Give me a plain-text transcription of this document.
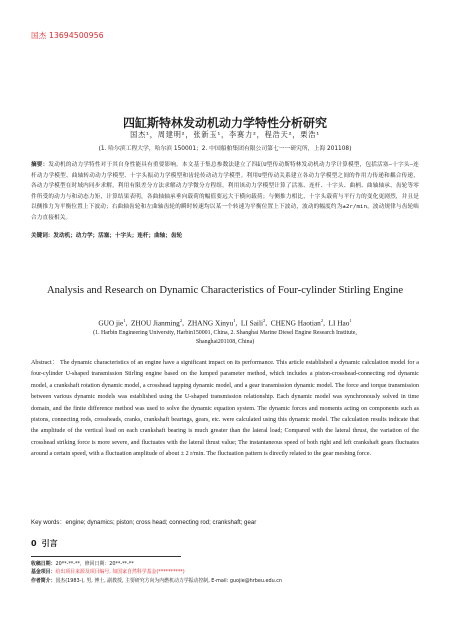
国杰 13694500956
四缸斯特林发动机动力学特性分析研究
国杰¹，周建明²，张新玉¹，李赛力²，程浩天²，栗浩¹
(1. 哈尔滨工程大学，哈尔滨 150001；2. 中国船舶集团有限公司第七一一研究所，上海 201108)
摘要：发动机的动力学特性对于其自身性能具有重要影响。本文基于集总参数法建立了四缸U型传动斯特林发动机动力学计算模型，包括活塞—十字头—连杆动力学模型、曲轴转动动力学模型、十字头振动力学模型和齿轮传动动力学模型。利用U型传动关系建立各动力学模型之间的作用力传递和耦合传递，各动力学模型在时域内同步求解，利用有限差分方法求解动力学微分方程组。利用该动力学模型计算了活塞、连杆、十字头、曲柄、曲轴轴承、齿轮等零件所受的动力与和动态力矩，计算结果表明，各曲轴轴承垂向载荷的幅值要远大于横向载荷；与侧推力相比，十字头载荷与平行力的变化更剧烈，并且是以侧推力为平衡位置上下波动；右曲轴齿轮和左曲轴齿轮的瞬时转速均以某一个转速为平衡位置上下波动，波动的幅度约为±2r/min，波动规律与齿轮啮合力直接相关。
关键词：发动机；动力学；活塞；十字头；连杆；曲轴；齿轮
Analysis and Research on Dynamic Characteristics of Four-cylinder Stirling Engine
GUO jie$^1$,  ZHOU Jianming$^2$,  ZHANG Xinyu$^1$,  LI Saili$^2$,  CHENG Haotian$^2$,  LI Hao$^1$
(1. Harbin Engineering University, Harbin150001, China, 2. Shanghai Marine Diesel Engine Research Institute,
Shanghai201108, China)
Abstract： The dynamic characteristics of an engine have a significant impact on its performance. This article established a dynamic calculation model for a four-cylinder U-shaped transmission Stirling engine based on the lumped parameter method, which includes a piston-crosshead-connecting rod dynamic model, a crankshaft rotation dynamic model, a crosshead tapping dynamic model, and a gear transmission dynamic model. The force and torque transmission between various dynamic models was established using the U-shaped transmission relationship. Each dynamic model was synchronously solved in time domain, and the finite difference method was used to solve the dynamic equation system. The dynamic forces and moments acting on components such as pistons, connecting rods, crossheads, cranks, crankshaft bearings, gears, etc. were calculated using this dynamic model. The calculation results indicate that the amplitude of the vertical load on each crankshaft bearing is much greater than the lateral load; Compared with the lateral thrust, the variation of the crosshead striking force is more severe, and fluctuates with the lateral thrust value; The instantaneous speed of both right and left crankshaft gears fluctuates around a certain speed, with a fluctuation amplitude of about ± 2 r/min. The fluctuation pattern is directly related to the gear meshing force.
Key words：engine; dynamics; piston; cross head; connecting rod; crankshaft; gear
0 引言
收稿日期：20**-**-**，修回日期：20**-**-**
基金项目：给出项目来源及项目编号, 如国家自然科学基金(**********)
作者简介：国杰(1983-), 男, 博士, 副教授, 主要研究方向为内燃机动力学振动控制, E-mail: guojie@hrbeu.edu.cn
